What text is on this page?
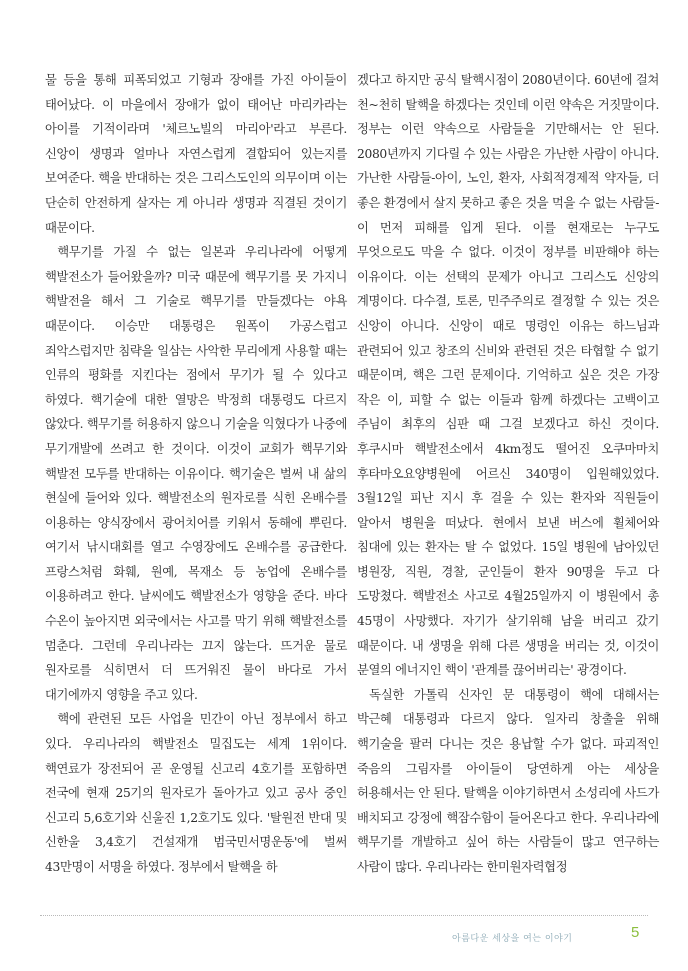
물 등을 통해 피폭되었고 기형과 장애를 가진 아이들이 태어났다. 이 마을에서 장애가 없이 태어난 마리카라는 아이를 기적이라며 '체르노빌의 마리아'라고 부른다. 신앙이 생명과 얼마나 자연스럽게 결합되어 있는지를 보여준다. 핵을 반대하는 것은 그리스도인의 의무이며 이는 단순히 안전하게 살자는 게 아니라 생명과 직결된 것이기 때문이다.

핵무기를 가질 수 없는 일본과 우리나라에 어떻게 핵발전소가 들어왔을까? 미국 때문에 핵무기를 못 가지니 핵발전을 해서 그 기술로 핵무기를 만들겠다는 야욕 때문이다. 이승만 대통령은 원폭이 가공스럽고 죄악스럽지만 침략을 일삼는 사악한 무리에게 사용할 때는 인류의 평화를 지킨다는 점에서 무기가 될 수 있다고 하였다. 핵기술에 대한 열망은 박정희 대통령도 다르지 않았다. 핵무기를 허용하지 않으니 기술을 익혔다가 나중에 무기개발에 쓰려고 한 것이다. 이것이 교회가 핵무기와 핵발전 모두를 반대하는 이유이다. 핵기술은 벌써 내 삶의 현실에 들어와 있다. 핵발전소의 원자로를 식힌 온배수를 이용하는 양식장에서 광어치어를 키워서 동해에 뿌린다. 여기서 낚시대회를 열고 수영장에도 온배수를 공급한다. 프랑스처럼 화훼, 원예, 목재소 등 농업에 온배수를 이용하려고 한다. 날씨에도 핵발전소가 영향을 준다. 바다 수온이 높아지면 외국에서는 사고를 막기 위해 핵발전소를 멈춘다. 그런데 우리나라는 끄지 않는다. 뜨거운 물로 원자로를 식히면서 더 뜨거워진 물이 바다로 가서 대기에까지 영향을 주고 있다.

핵에 관련된 모든 사업을 민간이 아닌 정부에서 하고 있다. 우리나라의 핵발전소 밀집도는 세계 1위이다. 핵연료가 장전되어 곧 운영될 신고리 4호기를 포함하면 전국에 현재 25기의 원자로가 돌아가고 있고 공사 중인 신고리 5,6호기와 신울진 1,2호기도 있다. '탈원전 반대 및 신한울 3,4호기 건설재개 범국민서명운동'에 벌써 43만명이 서명을 하였다. 정부에서 탈핵을 하

겠다고 하지만 공식 탈핵시점이 2080년이다. 60년에 걸쳐 천~천히 탈핵을 하겠다는 것인데 이런 약속은 거짓말이다. 정부는 이런 약속으로 사람들을 기만해서는 안 된다. 2080년까지 기다릴 수 있는 사람은 가난한 사람이 아니다. 가난한 사람들-아이, 노인, 환자, 사회적경제적 약자들, 더 좋은 환경에서 살지 못하고 좋은 것을 먹을 수 없는 사람들-이 먼저 피해를 입게 된다. 이를 현재로는 누구도 무엇으로도 막을 수 없다. 이것이 정부를 비판해야 하는 이유이다. 이는 선택의 문제가 아니고 그리스도 신앙의 계명이다. 다수결, 토론, 민주주의로 결정할 수 있는 것은 신앙이 아니다. 신앙이 때로 명령인 이유는 하느님과 관련되어 있고 창조의 신비와 관련된 것은 타협할 수 없기 때문이며, 핵은 그런 문제이다. 기억하고 싶은 것은 가장 작은 이, 피할 수 없는 이들과 함께 하겠다는 고백이고 주님이 최후의 심판 때 그걸 보겠다고 하신 것이다. 후쿠시마 핵발전소에서 4km정도 떨어진 오쿠마마치 후타마오요양병원에 어르신 340명이 입원해있었다. 3월12일 피난 지시 후 걸을 수 있는 환자와 직원들이 알아서 병원을 떠났다. 현에서 보낸 버스에 휠체어와 침대에 있는 환자는 탈 수 없었다. 15일 병원에 남아있던 병원장, 직원, 경찰, 군인들이 환자 90명을 두고 다 도망쳤다. 핵발전소 사고로 4월25일까지 이 병원에서 총 45명이 사망했다. 자기가 살기위해 남을 버리고 갔기 때문이다. 내 생명을 위해 다른 생명을 버리는 것, 이것이 분열의 에너지인 핵이 '관계를 끊어버리는' 광경이다.

독실한 가톨릭 신자인 문 대통령이 핵에 대해서는 박근혜 대통령과 다르지 않다. 일자리 창출을 위해 핵기술을 팔러 다니는 것은 용납할 수가 없다. 파괴적인 죽음의 그림자를 아이들이 당연하게 아는 세상을 허용해서는 안 된다. 탈핵을 이야기하면서 소성리에 사드가 배치되고 강정에 핵잠수함이 들어온다고 한다. 우리나라에 핵무기를 개발하고 싶어 하는 사람들이 많고 연구하는 사람이 많다. 우리나라는 한미원자력협정

아름다운 세상을 여는 이야기	5
